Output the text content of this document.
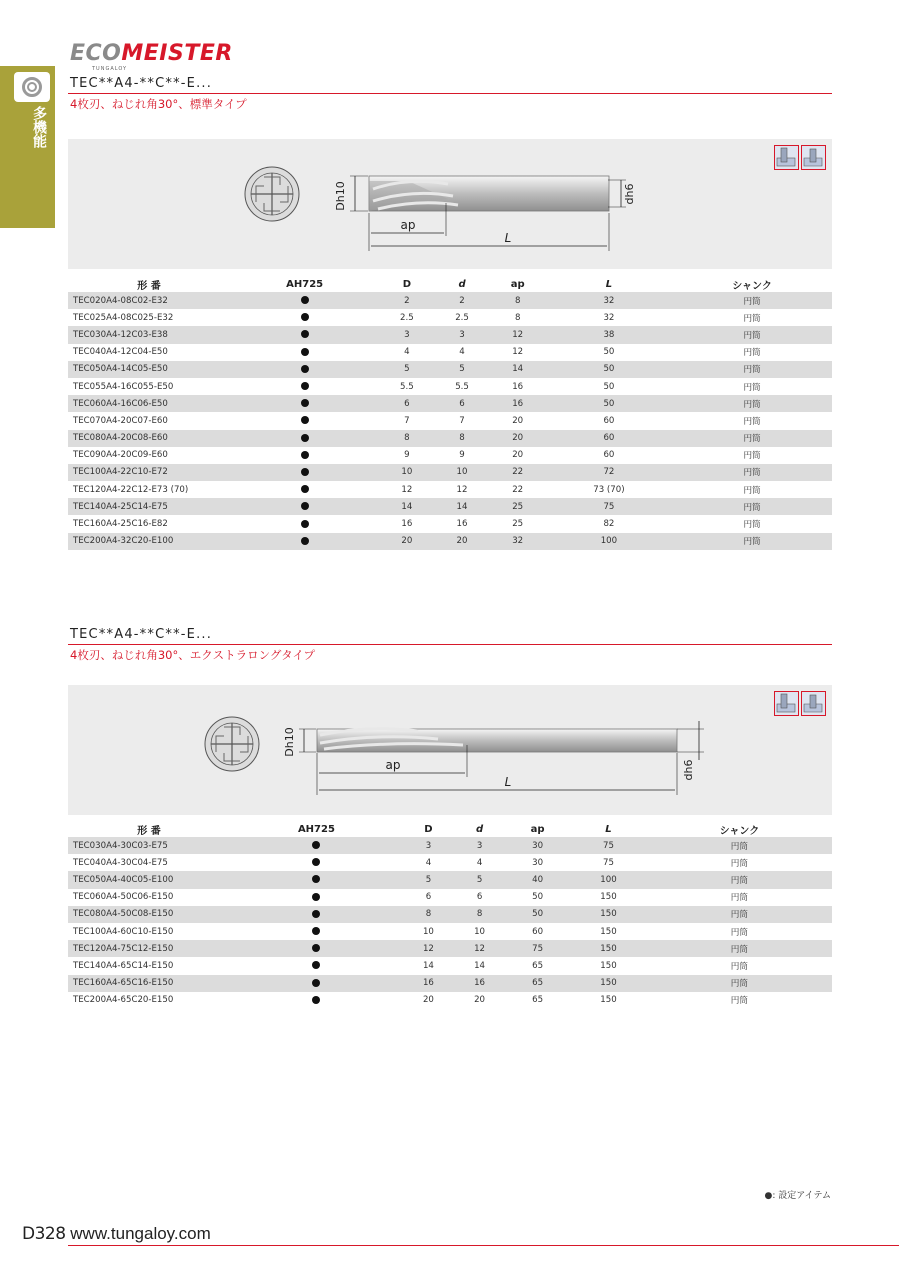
多機能
ECOMEISTER
TUNGALOY
TEC**A4-**C**-E...
4枚刃、ねじれ角30°、標準タイプ
Dh10	dh6
ap
L
形 番	AH725	D	d	ap	L	シャンク
TEC020A4-08C02-E32		2	2	8	32	円筒
TEC025A4-08C025-E32		2.5	2.5	8	32	円筒
TEC030A4-12C03-E38		3	3	12	38	円筒
TEC040A4-12C04-E50		4	4	12	50	円筒
TEC050A4-14C05-E50		5	5	14	50	円筒
TEC055A4-16C055-E50		5.5	5.5	16	50	円筒
TEC060A4-16C06-E50		6	6	16	50	円筒
TEC070A4-20C07-E60		7	7	20	60	円筒
TEC080A4-20C08-E60		8	8	20	60	円筒
TEC090A4-20C09-E60		9	9	20	60	円筒
TEC100A4-22C10-E72		10	10	22	72	円筒
TEC120A4-22C12-E73 (70)		12	12	22	73 (70)	円筒
TEC140A4-25C14-E75		14	14	25	75	円筒
TEC160A4-25C16-E82		16	16	25	82	円筒
TEC200A4-32C20-E100		20	20	32	100	円筒
TEC**A4-**C**-E...
4枚刃、ねじれ角30°、エクストラロングタイプ
Dh10
dh6
ap
L
形 番	AH725	D	d	ap	L	シャンク
TEC030A4-30C03-E75		3	3	30	75	円筒
TEC040A4-30C04-E75		4	4	30	75	円筒
TEC050A4-40C05-E100		5	5	40	100	円筒
TEC060A4-50C06-E150		6	6	50	150	円筒
TEC080A4-50C08-E150		8	8	50	150	円筒
TEC100A4-60C10-E150		10	10	60	150	円筒
TEC120A4-75C12-E150		12	12	75	150	円筒
TEC140A4-65C14-E150		14	14	65	150	円筒
TEC160A4-65C16-E150		16	16	65	150	円筒
TEC200A4-65C20-E150		20	20	65	150	円筒
●: 設定アイテム
D328 www.tungaloy.com
